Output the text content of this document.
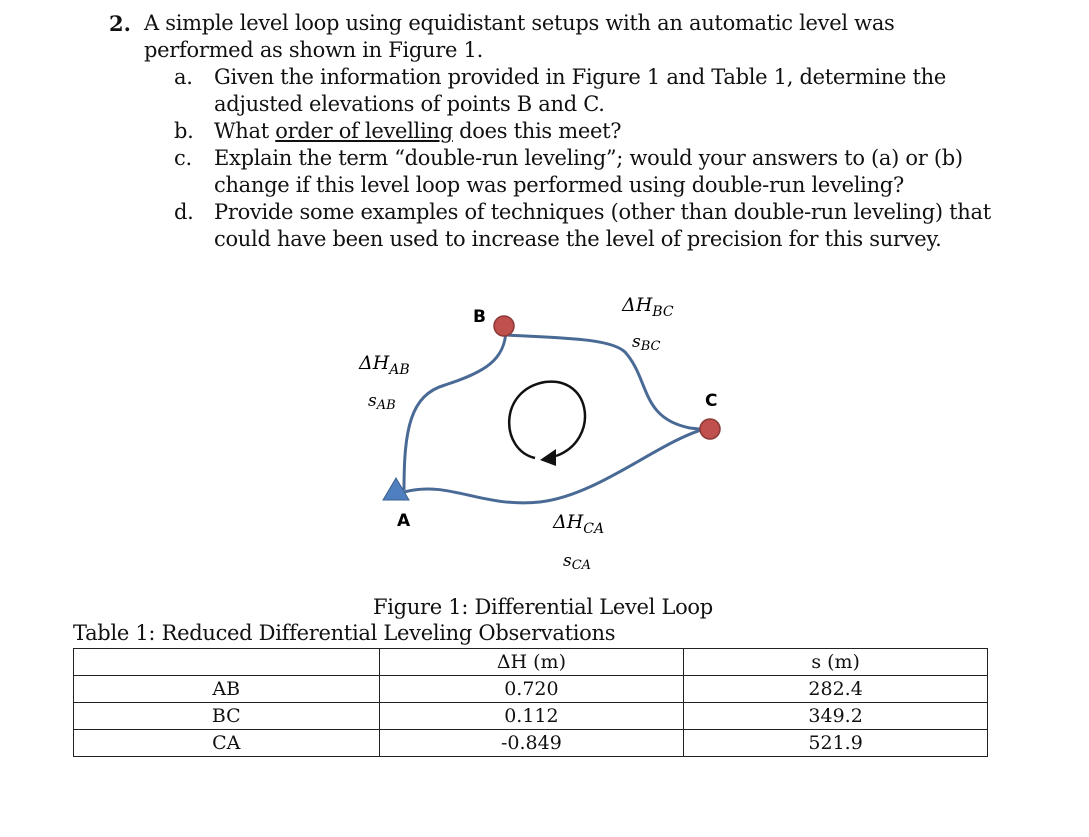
2. A simple level loop using equidistant setups with an automatic level was performed as shown in Figure 1.
a.	Given the information provided in Figure 1 and Table 1, determine the adjusted elevations of points B and C.
b. What order of levelling does this meet?
c.	Explain the term “double-run leveling”; would your answers to (a) or (b) change if this level loop was performed using double-run leveling?
d. Provide some examples of techniques (other than double-run leveling) that could have been used to increase the level of precision for this survey.
A
B
C
$\Delta H_{AB}$
sAB
$\Delta H_{BC}$
sBC
$\Delta H_{CA}$
sCA
Figure 1: Differential Level Loop
Table 1: Reduced Differential Leveling Observations
	ΔH (m)	s (m)
AB	0.720	282.4
BC	0.112	349.2
CA	-0.849	521.9
